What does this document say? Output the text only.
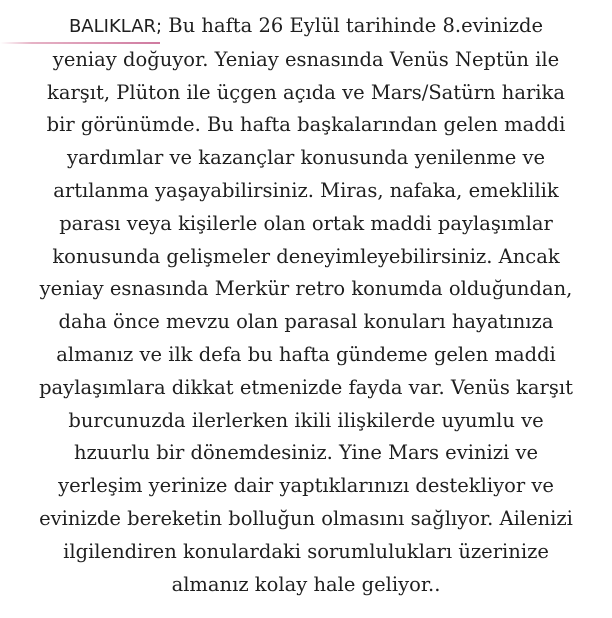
BALIKLAR; Bu hafta 26 Eylül tarihinde 8.evinizde
yeniay doğuyor. Yeniay esnasında Venüs Neptün ile
karşıt, Plüton ile üçgen açıda ve Mars/Satürn harika
bir görünümde. Bu hafta başkalarından gelen maddi
yardımlar ve kazançlar konusunda yenilenme ve
artılanma yaşayabilirsiniz. Miras, nafaka, emeklilik
parası veya kişilerle olan ortak maddi paylaşımlar
konusunda gelişmeler deneyimleyebilirsiniz. Ancak
yeniay esnasında Merkür retro konumda olduğundan,
daha önce mevzu olan parasal konuları hayatınıza
almanız ve ilk defa bu hafta gündeme gelen maddi
paylaşımlara dikkat etmenizde fayda var. Venüs karşıt
burcunuzda ilerlerken ikili ilişkilerde uyumlu ve
hzuurlu bir dönemdesiniz. Yine Mars evinizi ve
yerleşim yerinize dair yaptıklarınızı destekliyor ve
evinizde bereketin bolluğun olmasını sağlıyor. Ailenizi
ilgilendiren konulardaki sorumlulukları üzerinize
almanız kolay hale geliyor..
